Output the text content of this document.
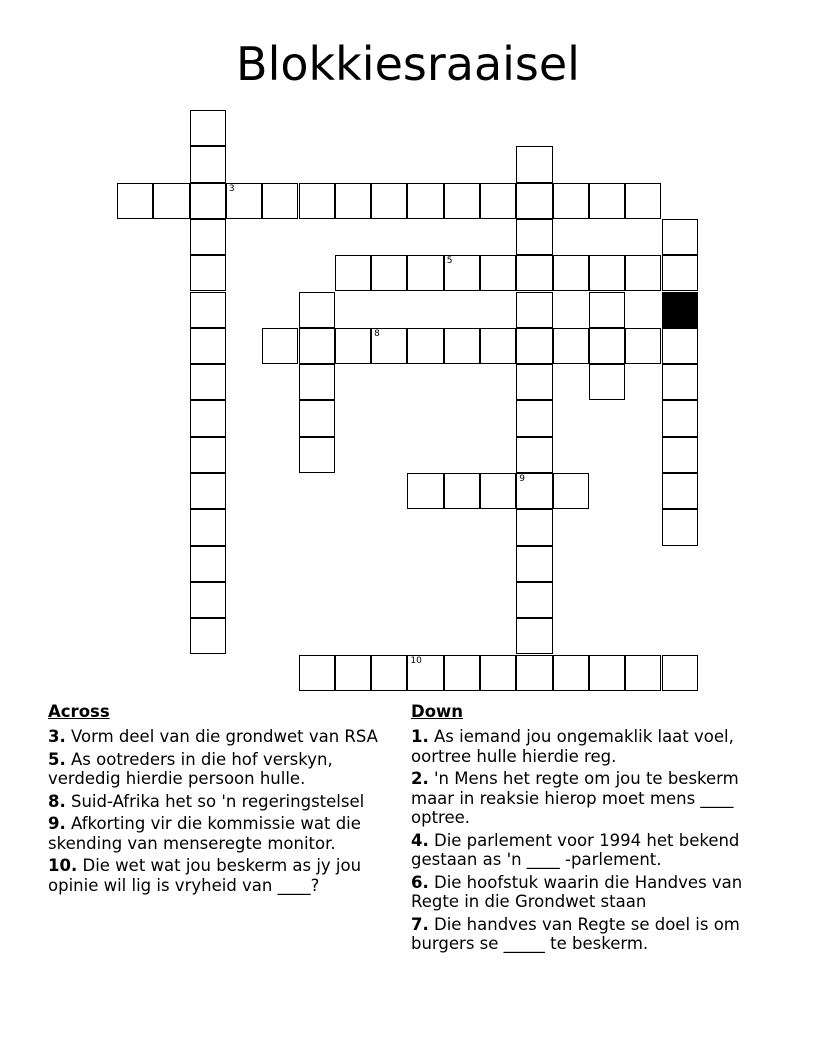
Blokkiesraaisel
3
5
8
9
10
Across
3. Vorm deel van die grondwet van RSA
5. As ootreders in die hof verskyn, verdedig hierdie persoon hulle.
8. Suid-Afrika het so 'n regeringstelsel
9. Afkorting vir die kommissie wat die skending van menseregte monitor.
10. Die wet wat jou beskerm as jy jou opinie wil lig is vryheid van ____?
Down
1. As iemand jou ongemaklik laat voel, oortree hulle hierdie reg.
2. 'n Mens het regte om jou te beskerm maar in reaksie hierop moet mens ____ optree.
4. Die parlement voor 1994 het bekend gestaan as 'n ____ -parlement.
6. Die hoofstuk waarin die Handves van Regte in die Grondwet staan
7. Die handves van Regte se doel is om burgers se _____ te beskerm.
